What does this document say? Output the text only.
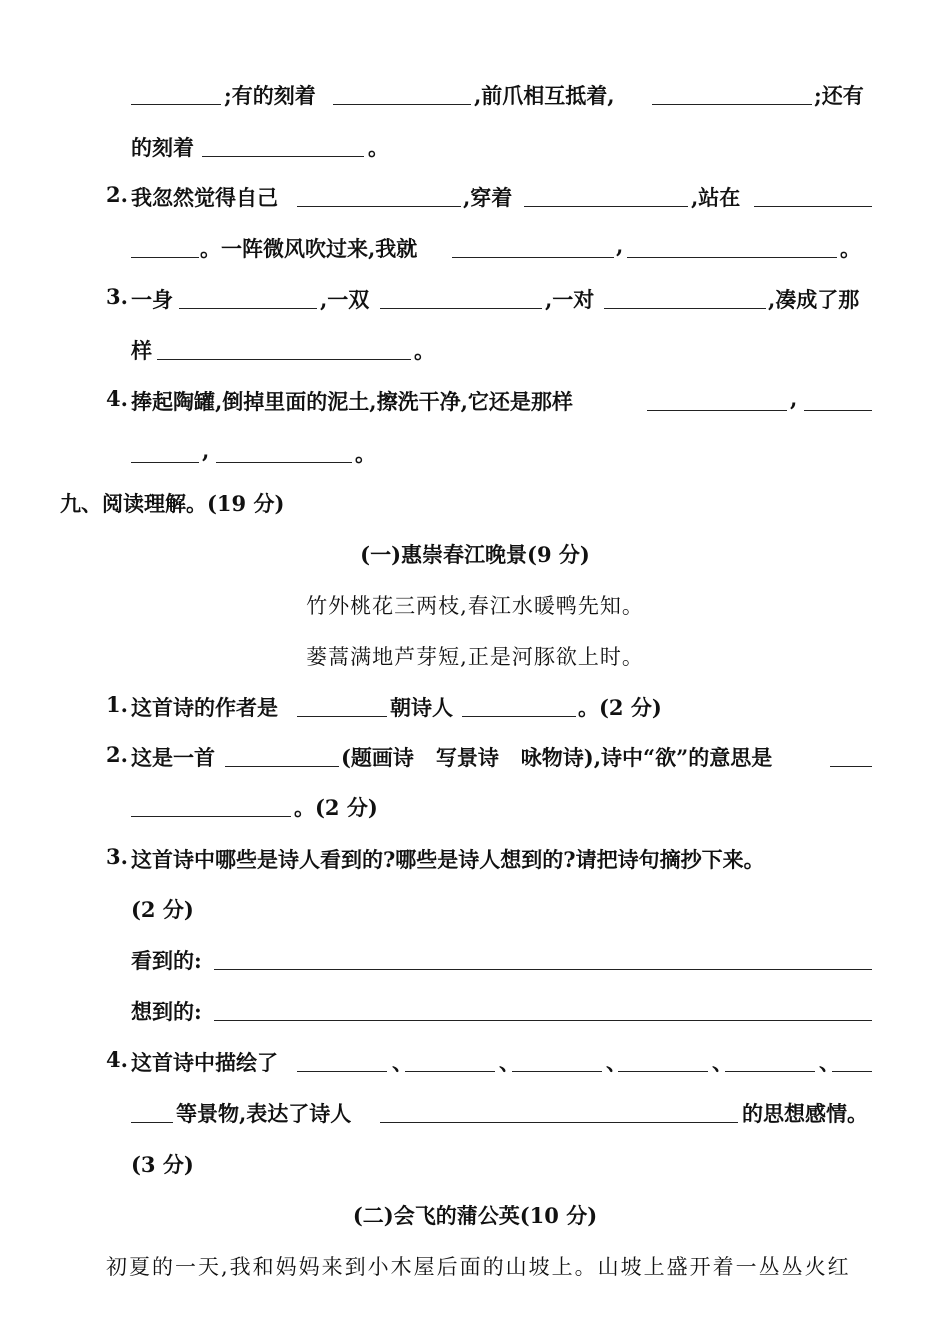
;有的刻着	,前爪相互抵着,	;还有
的刻着	。
2. 我忽然觉得自己	,穿着	,站在
。一阵微风吹过来,我就	,	。
3. 一身	,一双	,一对	,凑成了那
样	。
4. 捧起陶罐,倒掉里面的泥土,擦洗干净,它还是那样	,
,	。
九、阅读理解。(19 分)
(一)惠崇春江晚景(9 分)
竹外桃花三两枝,春江水暖鸭先知。
蒌蒿满地芦芽短,正是河豚欲上时。
1. 这首诗的作者是	朝诗人	。(2 分)
2. 这是一首	(题画诗   写景诗   咏物诗),诗中“欲”的意思是
。(2 分)
3. 这首诗中哪些是诗人看到的?哪些是诗人想到的?请把诗句摘抄下来。
(2 分)
看到的:
想到的:
4. 这首诗中描绘了	、	、	、	、	、
等景物,表达了诗人	的思想感情。
(3 分)
(二)会飞的蒲公英(10 分)
初夏的一天,我和妈妈来到小木屋后面的山坡上。山坡上盛开着一丛丛火红
